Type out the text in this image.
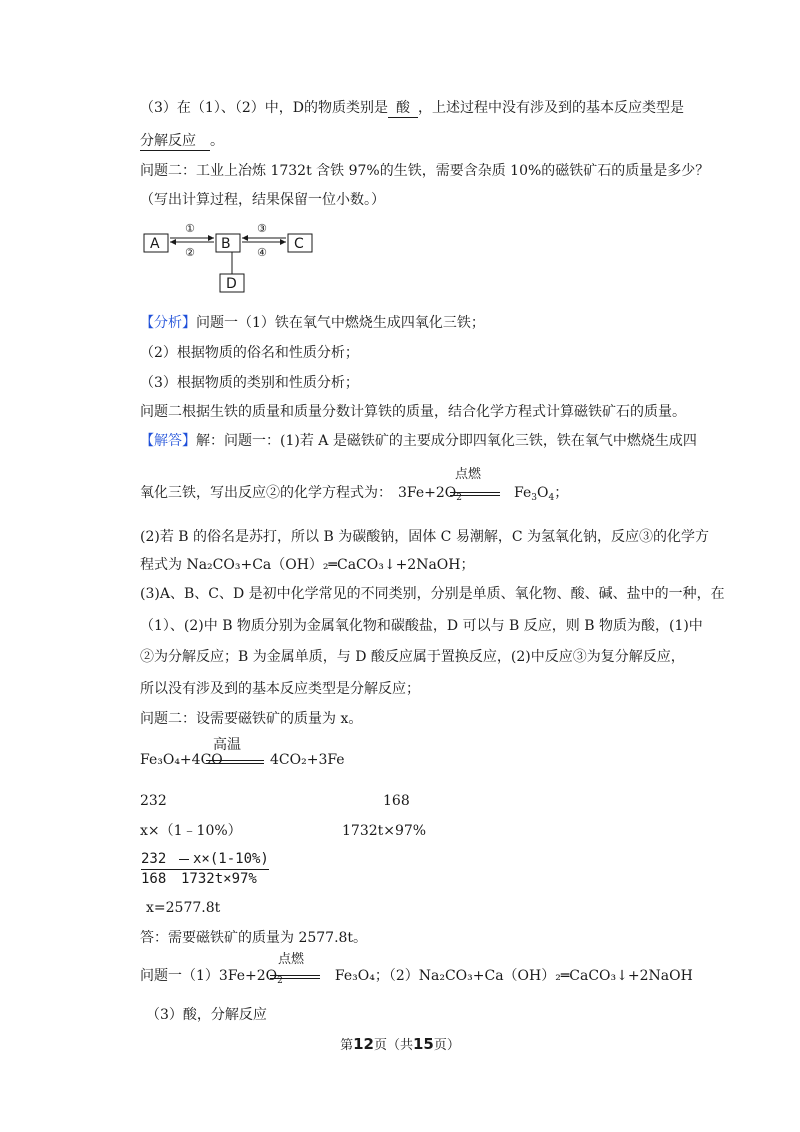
（3）在（1）、（2）中，D的物质类别是 酸 ，上述过程中没有涉及到的基本反应类型是
分解反应 。
问题二：工业上冶炼 1732t 含铁 97%的生铁，需要含杂质 10%的磁铁矿石的质量是多少？
（写出计算过程，结果保留一位小数。）
A	B	C
D
①
②
③
④
【分析】问题一（1）铁在氧气中燃烧生成四氧化三铁；
（2）根据物质的俗名和性质分析；
（3）根据物质的类别和性质分析；
问题二根据生铁的质量和质量分数计算铁的质量，结合化学方程式计算磁铁矿石的质量。
【解答】解：问题一：(1)若 A 是磁铁矿的主要成分即四氧化三铁，铁在氧气中燃烧生成四
氧化三铁，写出反应②的化学方程式为： $3Fe+2O_2$	$Fe_3O_4$；
点燃
(2)若 B 的俗名是苏打，所以 B 为碳酸钠，固体 C 易潮解，C 为氢氧化钠，反应③的化学方
程式为 Na₂CO₃+Ca（OH）₂═CaCO₃↓+2NaOH；
(3)A、B、C、D 是初中化学常见的不同类别，分别是单质、氧化物、酸、碱、盐中的一种，在
（1）、(2)中 B 物质分别为金属氧化物和碳酸盐，D 可以与 B 反应，则 B 物质为酸，(1)中
②为分解反应；B 为金属单质，与 D 酸反应属于置换反应，(2)中反应③为复分解反应，
所以没有涉及到的基本反应类型是分解反应；
问题二：设需要磁铁矿的质量为 x。
Fe₃O₄+4CO
高温
4CO₂+3Fe
232	168
x×（1﹣10%）	1732t×97%
232 x×(1-10%)
168 1732t×97%
x=2577.8t
答：需要磁铁矿的质量为 2577.8t。
问题一$(1)3Fe+2O_2$	Fe₃O₄；（2）Na₂CO₃+Ca（OH）₂═CaCO₃↓+2NaOH
点燃
（3）酸，分解反应
第12页（共15页）
